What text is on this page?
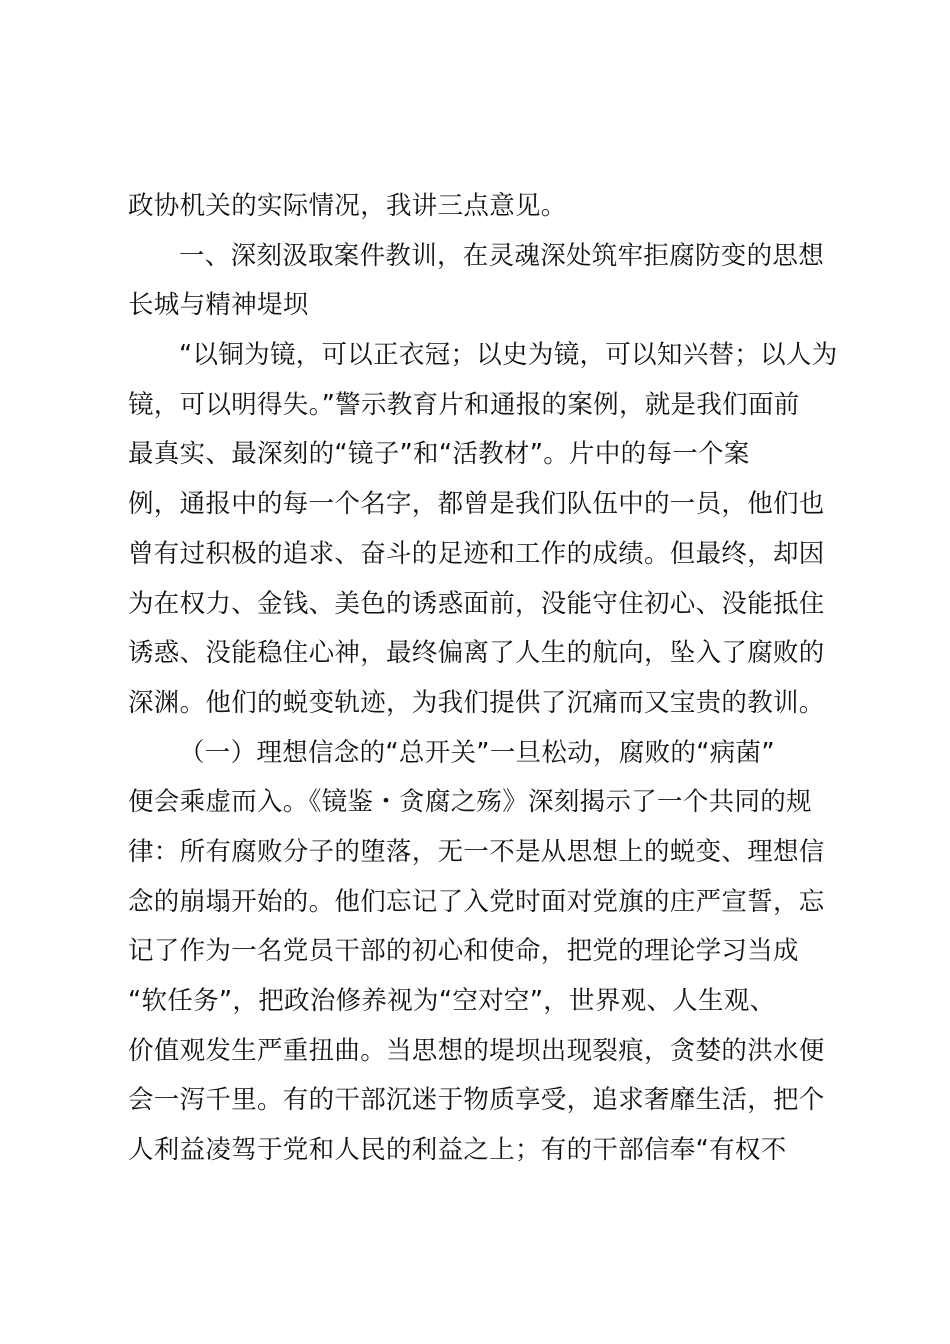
政协机关的实际情况，我讲三点意见。
一、深刻汲取案件教训，在灵魂深处筑牢拒腐防变的思想
长城与精神堤坝
“以铜为镜，可以正衣冠；以史为镜，可以知兴替；以人为
镜，可以明得失。”警示教育片和通报的案例，就是我们面前
最真实、最深刻的“镜子”和“活教材”。片中的每一个案
例，通报中的每一个名字，都曾是我们队伍中的一员，他们也
曾有过积极的追求、奋斗的足迹和工作的成绩。但最终，却因
为在权力、金钱、美色的诱惑面前，没能守住初心、没能抵住
诱惑、没能稳住心神，最终偏离了人生的航向，坠入了腐败的
深渊。他们的蜕变轨迹，为我们提供了沉痛而又宝贵的教训。
（一）理想信念的“总开关”一旦松动，腐败的“病菌”
便会乘虚而入。《镜鉴・贪腐之殇》深刻揭示了一个共同的规
律：所有腐败分子的堕落，无一不是从思想上的蜕变、理想信
念的崩塌开始的。他们忘记了入党时面对党旗的庄严宣誓，忘
记了作为一名党员干部的初心和使命，把党的理论学习当成
“软任务”，把政治修养视为“空对空”，世界观、人生观、
价值观发生严重扭曲。当思想的堤坝出现裂痕，贪婪的洪水便
会一泻千里。有的干部沉迷于物质享受，追求奢靡生活，把个
人利益凌驾于党和人民的利益之上；有的干部信奉“有权不
